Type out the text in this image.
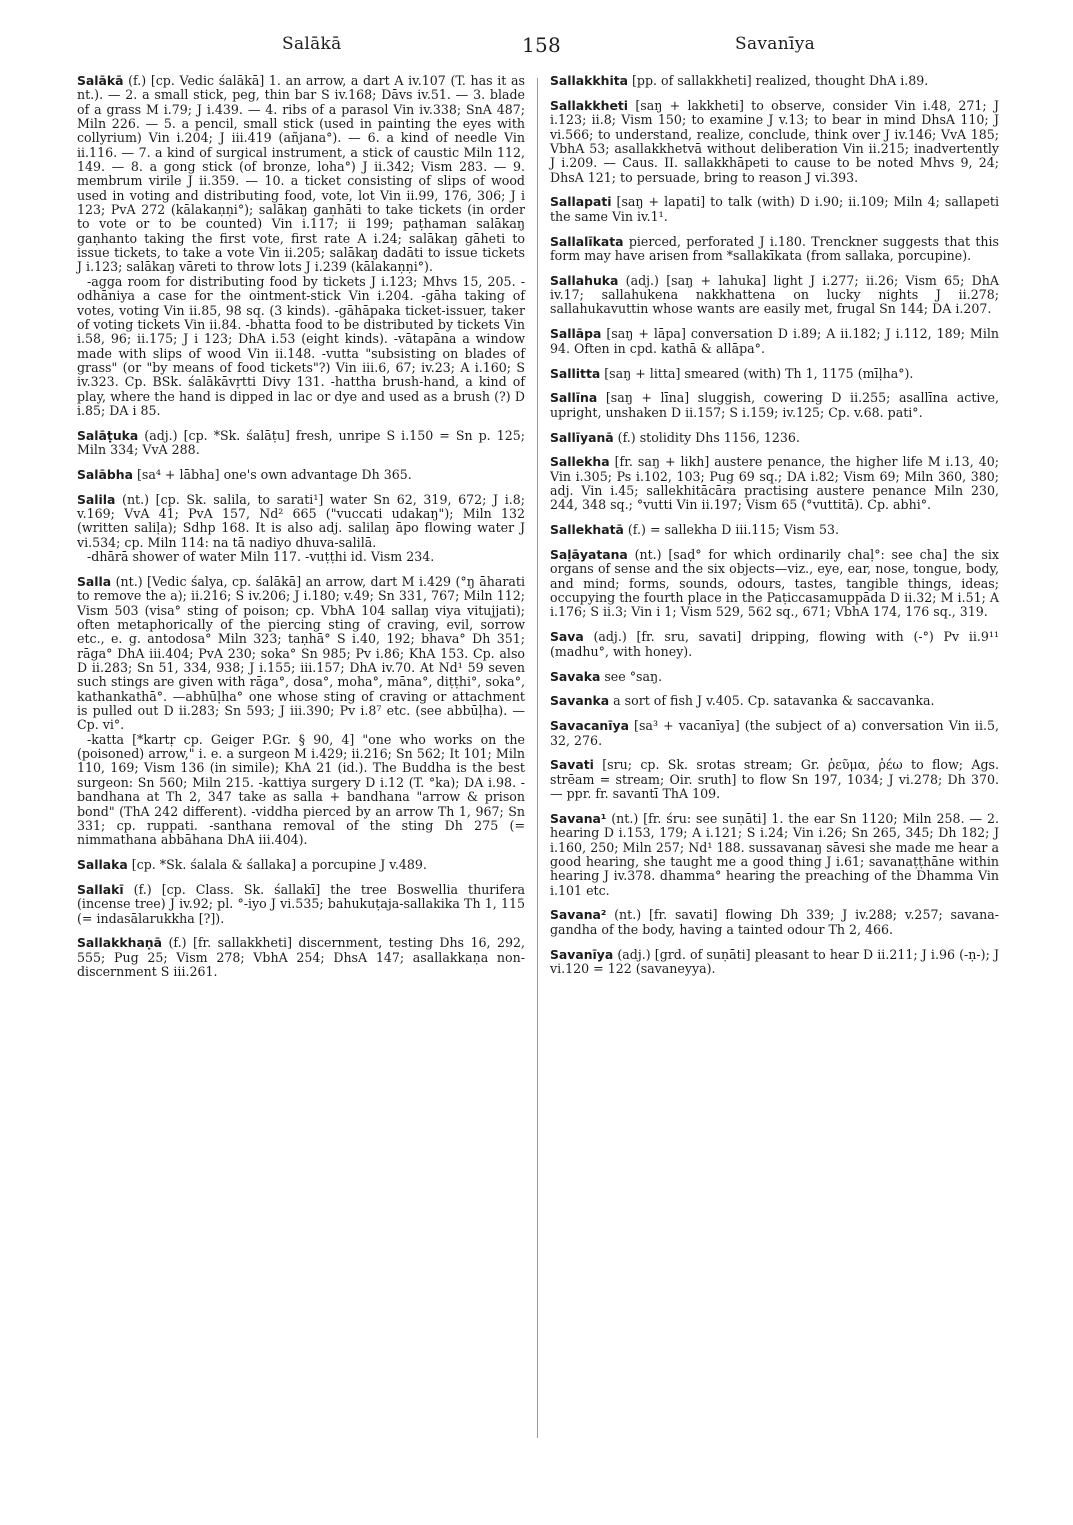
Salākā	158	Savanīya

Salākā (f.) [cp. Vedic śalākā] 1. an arrow, a dart A iv.107 (T. has it as nt.). — 2. a small stick, peg, thin bar S iv.168; Dāvs iv.51. — 3. blade of a grass M i.79; J i.439. — 4. ribs of a parasol Vin iv.338; SnA 487; Miln 226. — 5. a pencil, small stick (used in painting the eyes with collyrium) Vin i.204; J iii.419 (añjana°). — 6. a kind of needle Vin ii.116. — 7. a kind of surgical instrument, a stick of caustic Miln 112, 149. — 8. a gong stick (of bronze, loha°) J ii.342; Vism 283. — 9. membrum virile J ii.359. — 10. a ticket consisting of slips of wood used in voting and distributing food, vote, lot Vin ii.99, 176, 306; J i 123; PvA 272 (kālakaṇṇi°); salākaŋ gaṇhāti to take tickets (in order to vote or to be counted) Vin i.117; ii 199; paṭhaman salākaŋ gaṇhanto taking the first vote, first rate A i.24; salākaŋ gāheti to issue tickets, to take a vote Vin ii.205; salākaŋ dadāti to issue tickets J i.123; salākaŋ vāreti to throw lots J i.239 (kālakaṇṇi°).

-agga room for distributing food by tickets J i.123; Mhvs 15, 205. -odhāniya a case for the ointment-stick Vin i.204. -gāha taking of votes, voting Vin ii.85, 98 sq. (3 kinds). -gāhāpaka ticket-issuer, taker of voting tickets Vin ii.84. -bhatta food to be distributed by tickets Vin i.58, 96; ii.175; J i 123; DhA i.53 (eight kinds). -vātapāna a window made with slips of wood Vin ii.148. -vutta "subsisting on blades of grass" (or "by means of food tickets"?) Vin iii.6, 67; iv.23; A i.160; S iv.323. Cp. BSk. śalākāvṛtti Divy 131. -hattha brush-hand, a kind of play, where the hand is dipped in lac or dye and used as a brush (?) D i.85; DA i 85.

Salāṭuka (adj.) [cp. *Sk. śalāṭu] fresh, unripe S i.150 = Sn p. 125; Miln 334; VvA 288.

Salābha [sa⁴ + lābha] one's own advantage Dh 365.

Salila (nt.) [cp. Sk. salila, to sarati¹] water Sn 62, 319, 672; J i.8; v.169; VvA 41; PvA 157, Nd² 665 ("vuccati udakaŋ"); Miln 132 (written saliḷa); Sdhp 168. It is also adj. salilaŋ āpo flowing water J vi.534; cp. Miln 114: na tā nadiyo dhuva-salilā.

-dhārā shower of water Miln 117. -vuṭṭhi id. Vism 234.

Salla (nt.) [Vedic śalya, cp. śalākā] an arrow, dart M i.429 (°ŋ āharati to remove the a); ii.216; S iv.206; J i.180; v.49; Sn 331, 767; Miln 112; Vism 503 (visa° sting of poison; cp. VbhA 104 sallaŋ viya vitujjati); often metaphorically of the piercing sting of craving, evil, sorrow etc., e. g. antodosa° Miln 323; taṇhā° S i.40, 192; bhava° Dh 351; rāga° DhA iii.404; PvA 230; soka° Sn 985; Pv i.86; KhA 153. Cp. also D ii.283; Sn 51, 334, 938; J i.155; iii.157; DhA iv.70. At Nd¹ 59 seven such stings are given with rāga°, dosa°, moha°, māna°, diṭṭhi°, soka°, kathankathā°. —abhūḷha° one whose sting of craving or attachment is pulled out D ii.283; Sn 593; J iii.390; Pv i.8⁷ etc. (see abbūḷha). — Cp. vi°.

-katta [*kartṛ cp. Geiger P.Gr. § 90, 4] "one who works on the (poisoned) arrow," i. e. a surgeon M i.429; ii.216; Sn 562; It 101; Miln 110, 169; Vism 136 (in simile); KhA 21 (id.). The Buddha is the best surgeon: Sn 560; Miln 215. -kattiya surgery D i.12 (T. °ka); DA i.98. -bandhana at Th 2, 347 take as salla + bandhana "arrow & prison bond" (ThA 242 different). -viddha pierced by an arrow Th 1, 967; Sn 331; cp. ruppati. -santhana removal of the sting Dh 275 (= nimmathana abbāhana DhA iii.404).

Sallaka [cp. *Sk. śalala & śallaka] a porcupine J v.489.

Sallakī (f.) [cp. Class. Sk. śallakī] the tree Boswellia thurifera (incense tree) J iv.92; pl. °-iyo J vi.535; bahukuṭaja-sallakika Th 1, 115 (= indasālarukkha [?]).

Sallakkhaṇā (f.) [fr. sallakkheti] discernment, testing Dhs 16, 292, 555; Pug 25; Vism 278; VbhA 254; DhsA 147; asallakkaṇa non-discernment S iii.261.

Sallakkhita [pp. of sallakkheti] realized, thought DhA i.89.

Sallakkheti [saŋ + lakkheti] to observe, consider Vin i.48, 271; J i.123; ii.8; Vism 150; to examine J v.13; to bear in mind DhsA 110; J vi.566; to understand, realize, conclude, think over J iv.146; VvA 185; VbhA 53; asallakkhetvā without deliberation Vin ii.215; inadvertently J i.209. — Caus. II. sallakkhāpeti to cause to be noted Mhvs 9, 24; DhsA 121; to persuade, bring to reason J vi.393.

Sallapati [saŋ + lapati] to talk (with) D i.90; ii.109; Miln 4; sallapeti the same Vin iv.1¹.

Sallalīkata pierced, perforated J i.180. Trenckner suggests that this form may have arisen from *sallakīkata (from sallaka, porcupine).

Sallahuka (adj.) [saŋ + lahuka] light J i.277; ii.26; Vism 65; DhA iv.17; sallahukena nakkhattena on lucky nights J ii.278; sallahukavuttin whose wants are easily met, frugal Sn 144; DA i.207.

Sallāpa [saŋ + lāpa] conversation D i.89; A ii.182; J i.112, 189; Miln 94. Often in cpd. kathā & allāpa°.

Sallitta [saŋ + litta] smeared (with) Th 1, 1175 (mīḷha°).

Sallīna [saŋ + līna] sluggish, cowering D ii.255; asallīna active, upright, unshaken D ii.157; S i.159; iv.125; Cp. v.68. pati°.

Sallīyanā (f.) stolidity Dhs 1156, 1236.

Sallekha [fr. saŋ + likh] austere penance, the higher life M i.13, 40; Vin i.305; Ps i.102, 103; Pug 69 sq.; DA i.82; Vism 69; Miln 360, 380; adj. Vin i.45; sallekhitācāra practising austere penance Miln 230, 244, 348 sq.; °vutti Vin ii.197; Vism 65 (°vuttitā). Cp. abhi°.

Sallekhatā (f.) = sallekha D iii.115; Vism 53.

Saḷāyatana (nt.) [saḍ° for which ordinarily chaḷ°: see cha] the six organs of sense and the six objects—viz., eye, ear, nose, tongue, body, and mind; forms, sounds, odours, tastes, tangible things, ideas; occupying the fourth place in the Paṭiccasamuppāda D ii.32; M i.51; A i.176; S ii.3; Vin i 1; Vism 529, 562 sq., 671; VbhA 174, 176 sq., 319.

Sava (adj.) [fr. sru, savati] dripping, flowing with (-°) Pv ii.9¹¹ (madhu°, with honey).

Savaka see °saŋ.

Savanka a sort of fish J v.405. Cp. satavanka & saccavanka.

Savacanīya [sa³ + vacanīya] (the subject of a) conversation Vin ii.5, 32, 276.

Savati [sru; cp. Sk. srotas stream; Gr. ῥεῦμα, ῥέω to flow; Ags. strēam = stream; Oir. sruth] to flow Sn 197, 1034; J vi.278; Dh 370. — ppr. fr. savantī ThA 109.

Savana¹ (nt.) [fr. śru: see suṇāti] 1. the ear Sn 1120; Miln 258. — 2. hearing D i.153, 179; A i.121; S i.24; Vin i.26; Sn 265, 345; Dh 182; J i.160, 250; Miln 257; Nd¹ 188. sussavanaŋ sāvesi she made me hear a good hearing, she taught me a good thing J i.61; savanaṭṭhāne within hearing J iv.378. dhamma° hearing the preaching of the Dhamma Vin i.101 etc.

Savana² (nt.) [fr. savati] flowing Dh 339; J iv.288; v.257; savana-gandha of the body, having a tainted odour Th 2, 466.

Savanīya (adj.) [grd. of suṇāti] pleasant to hear D ii.211; J i.96 (-ṇ-); J vi.120 = 122 (savaneyya).
